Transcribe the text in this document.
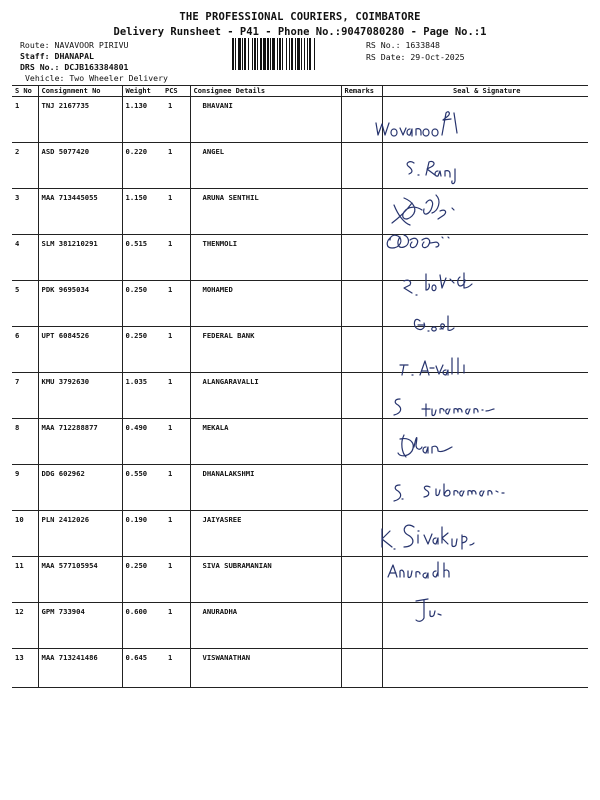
THE PROFESSIONAL COURIERS, COIMBATORE
Delivery Runsheet - P41 - Phone No.:9047080280 - Page No.:1
Route: NAVAVOOR PIRIVU
Staff: DHANAPAL
DRS No.: DCJB163384801
Vehicle: Two Wheeler Delivery
RS No.: 1633848
RS Date: 29-Oct-2025
S No	Consignment No	Weight	PCS	Consignee Details	Remarks	Seal & Signature
1	TNJ 2167735	1.130	1	BHAVANI		
2	ASD 5077420	0.220	1	ANGEL		
3	MAA 713445055	1.150	1	ARUNA SENTHIL		
4	SLM 381210291	0.515	1	THENMOLI		
5	PDK 9695034	0.250	1	MOHAMED		
6	UPT 6084526	0.250	1	FEDERAL BANK		
7	KMU 3792630	1.035	1	ALANGARAVALLI		
8	MAA 712288877	0.490	1	MEKALA		
9	DDG 602962	0.550	1	DHANALAKSHMI		
10	PLN 2412026	0.190	1	JAIYASREE		
11	MAA 577105954	0.250	1	SIVA SUBRAMANIAN		
12	GPM 733904	0.600	1	ANURADHA		
13	MAA 713241486	0.645	1	VISWANATHAN		
